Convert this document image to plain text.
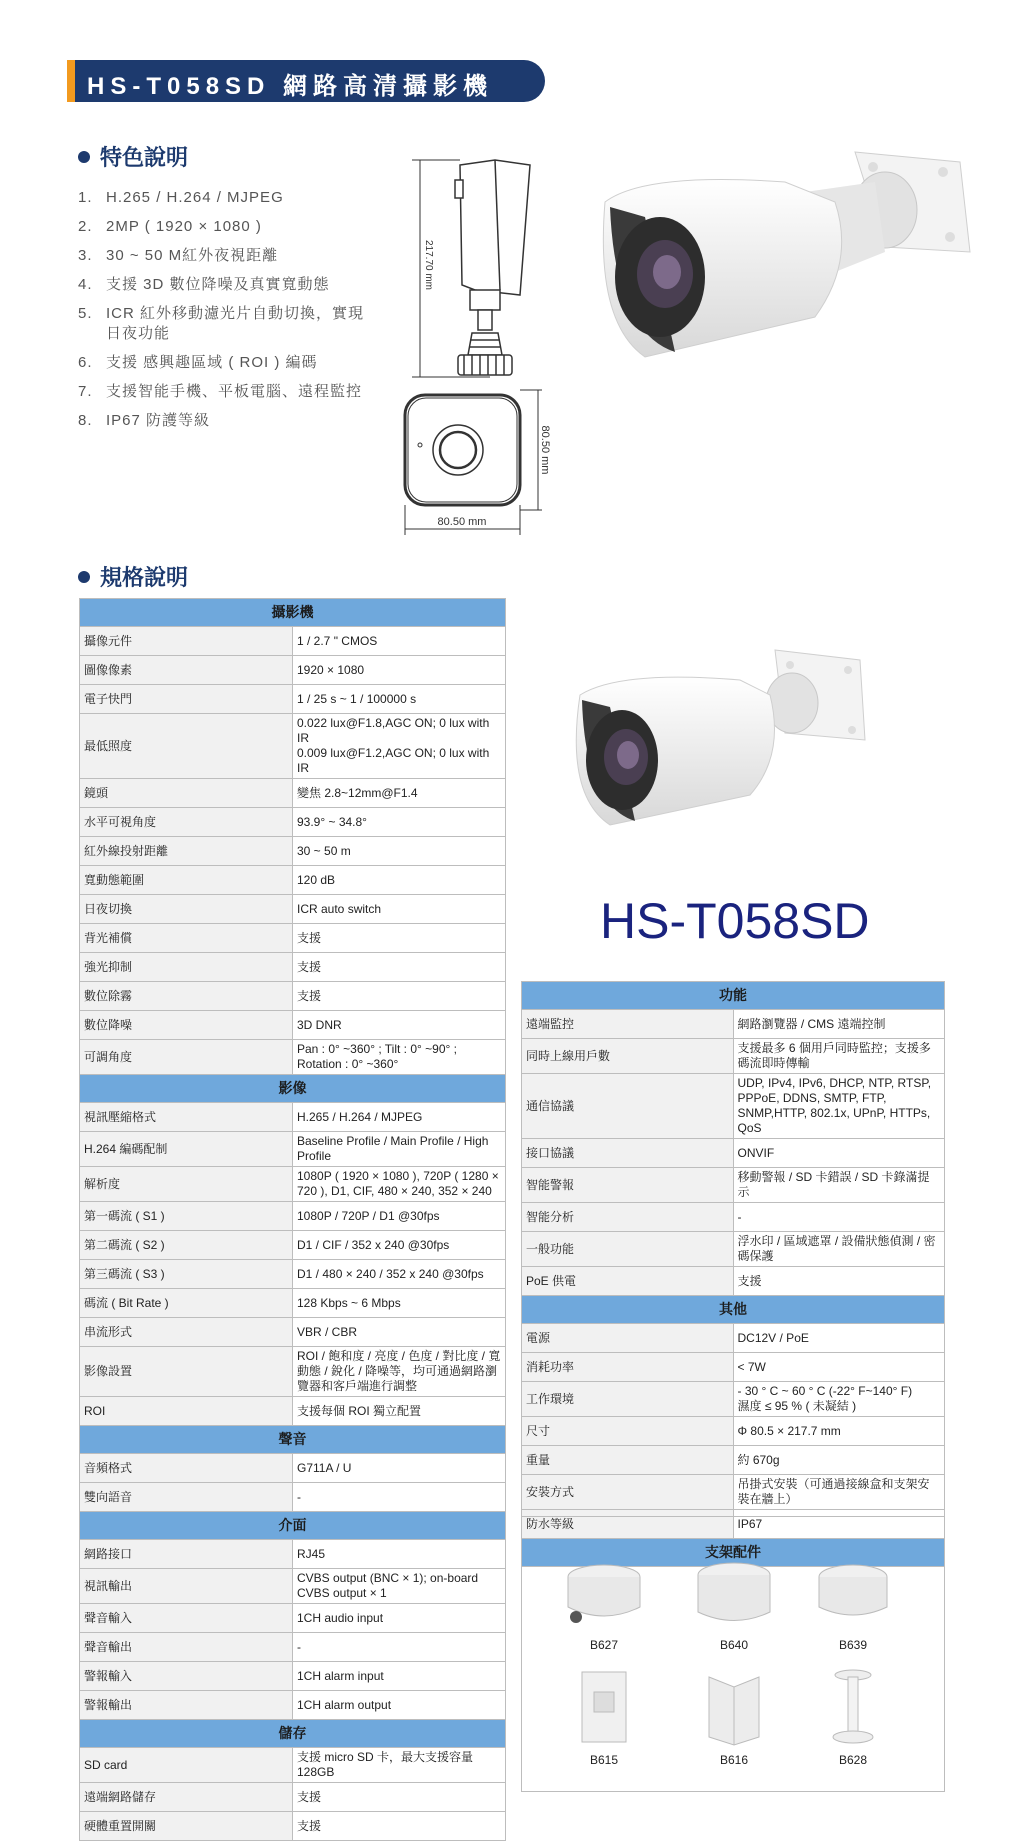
HS-T058SD 網路高清攝影機
特色說明
1. H.265 / H.264 / MJPEG
2. 2MP ( 1920 × 1080 )
3. 30 ~ 50 M紅外夜視距離
4. 支援 3D 數位降噪及真實寬動態
5. ICR 紅外移動濾光片自動切換，實現日夜功能
6. 支援 感興趣區域 ( ROI ) 編碼
7. 支援智能手機、平板電腦、遠程監控
8. IP67 防護等級
217.70 mm
80.50 mm
80.50 mm
規格說明
攝影機	
攝像元件	1 / 2.7 " CMOS
圖像像素	1920 × 1080
電子快門	1 / 25 s ~ 1 / 100000 s
最低照度	0.022 lux@F1.8,AGC ON; 0 lux with IR
0.009 lux@F1.2,AGC ON; 0 lux with IR
鏡頭	變焦 2.8~12mm@F1.4
水平可視角度	93.9° ~ 34.8°
紅外線投射距離	30 ~ 50 m
寬動態範圍	120 dB
日夜切換	ICR auto switch
背光補償	支援
強光抑制	支援
數位除霧	支援
數位降噪	3D DNR
可調角度	Pan : 0° ~360° ; Tilt : 0° ~90° ; Rotation : 0° ~360°
影像	
視訊壓縮格式	H.265 / H.264 / MJPEG
H.264 編碼配制	Baseline Profile / Main Profile / High Profile
解析度	1080P ( 1920 × 1080 ), 720P ( 1280 × 720 ), D1, CIF, 480 × 240, 352 × 240
第一碼流 ( S1 )	1080P / 720P / D1 @30fps
第二碼流 ( S2 )	D1 / CIF / 352 x 240 @30fps
第三碼流 ( S3 )	D1 / 480 × 240 / 352 x 240 @30fps
碼流 ( Bit Rate )	128 Kbps ~ 6 Mbps
串流形式	VBR / CBR
影像設置	ROI / 飽和度 / 亮度 / 色度 / 對比度 / 寬動態 / 銳化 / 降噪等，均可通過網路瀏覽器和客戶端進行調整
ROI	支援每個 ROI 獨立配置
聲音	
音頻格式	G711A / U
雙向語音	-
介面	
網路接口	RJ45
視訊輸出	CVBS output (BNC × 1); on-board CVBS output × 1
聲音輸入	1CH audio input
聲音輸出	-
警報輸入	1CH alarm input
警報輸出	1CH alarm output
儲存	
SD card	支援 micro SD 卡，最大支援容量 128GB
遠端網路儲存	支援
硬體重置開關	支援
HS-T058SD
功能	
遠端監控	網路瀏覽器 / CMS 遠端控制
同時上線用戶數	支援最多 6 個用戶同時監控；支援多碼流即時傳輸
通信協議	UDP, IPv4, IPv6, DHCP, NTP, RTSP, PPPoE, DDNS, SMTP, FTP, SNMP,HTTP, 802.1x, UPnP, HTTPs, QoS
接口協議	ONVIF
智能警報	移動警報 / SD 卡錯誤 / SD 卡錄滿提示
智能分析	-
一般功能	浮水印 / 區域遮罩 / 設備狀態偵測 / 密碼保護
PoE 供電	支援
其他	
電源	DC12V / PoE
消耗功率	< 7W
工作環境	- 30 ° C ~ 60 ° C (-22° F~140° F)
濕度 ≤ 95 % ( 未凝結 )
尺寸	Φ 80.5 × 217.7 mm
重量	約 670g
安裝方式	吊掛式安裝（可通過接線盒和支架安裝在牆上）
防水等級	IP67
支架配件	
B627	B640	B639
B615	B616	B628
